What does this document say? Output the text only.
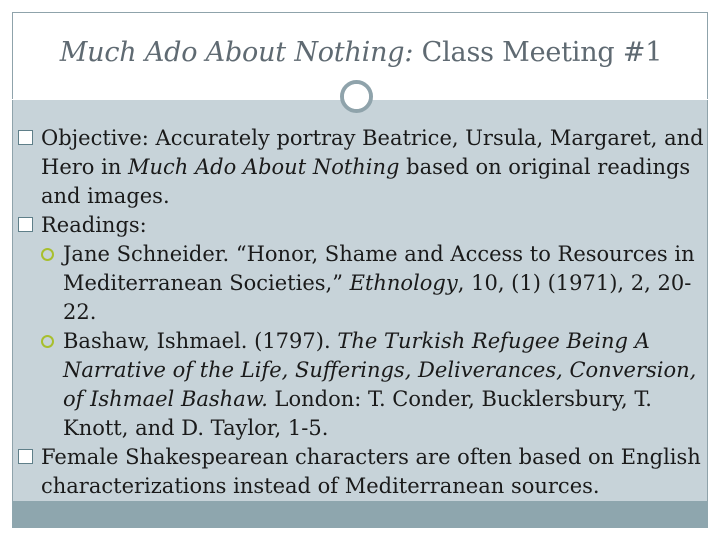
Much Ado About Nothing: Class Meeting #1

Objective: Accurately portray Beatrice, Ursula, Margaret, and Hero in Much Ado About Nothing based on original readings and images.

Readings:

Jane Schneider. “Honor, Shame and Access to Resources in Mediterranean Societies,” Ethnology, 10, (1) (1971), 2, 20-22.

Bashaw, Ishmael. (1797). The Turkish Refugee Being A Narrative of the Life, Sufferings, Deliverances, Conversion, of Ishmael Bashaw. London: T. Conder, Bucklersbury, T. Knott, and D. Taylor, 1-5.

Female Shakespearean characters are often based on English characterizations instead of Mediterranean sources.
